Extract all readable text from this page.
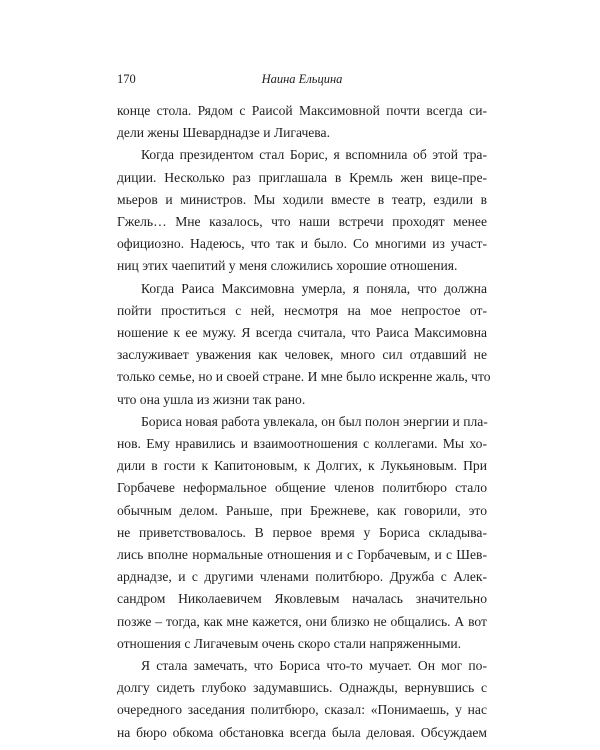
170	Наина Ельцина

конце стола. Рядом с Раисой Максимовной почти всегда си-
дели жены Шеварднадзе и Лигачева.

Когда президентом стал Борис, я вспомнила об этой тра-
диции. Несколько раз приглашала в Кремль жен вице-пре-
мьеров и министров. Мы ходили вместе в театр, ездили в
Гжель… Мне казалось, что наши встречи проходят менее
официозно. Надеюсь, что так и было. Со многими из участ-
ниц этих чаепитий у меня сложились хорошие отношения.

Когда Раиса Максимовна умерла, я поняла, что должна
пойти проститься с ней, несмотря на мое непростое от-
ношение к ее мужу. Я всегда считала, что Раиса Максимовна
заслуживает уважения как человек, много сил отдавший не
только семье, но и своей стране. И мне было искренне жаль, что
что она ушла из жизни так рано.

Бориса новая работа увлекала, он был полон энергии и пла-
нов. Ему нравились и взаимоотношения с коллегами. Мы хо-
дили в гости к Капитоновым, к Долгих, к Лукьяновым. При
Горбачеве неформальное общение членов политбюро стало
обычным делом. Раньше, при Брежневе, как говорили, это
не приветствовалось. В первое время у Бориса складыва-
лись вполне нормальные отношения и с Горбачевым, и с Шев-
арднадзе, и с другими членами политбюро. Дружба с Алек-
сандром Николаевичем Яковлевым началась значительно
позже – тогда, как мне кажется, они близко не общались. А вот
отношения с Лигачевым очень скоро стали напряженными.

Я стала замечать, что Бориса что-то мучает. Он мог по-
долгу сидеть глубоко задумавшись. Однажды, вернувшись с
очередного заседания политбюро, сказал: «Понимаешь, у нас
на бюро обкома обстановка всегда была деловая. Обсуждаем
